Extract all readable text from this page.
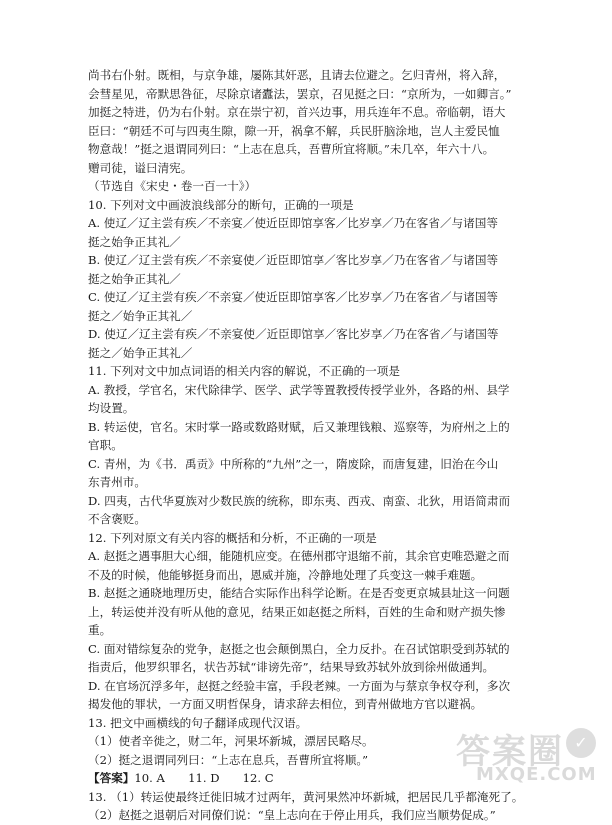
尚书右仆射。既相，与京争雄，屡陈其奸恶，且请去位避之。乞归青州，将入辞，
会彗星见，帝默思咎征，尽除京诸蠹法，罢京，召见挺之曰：“京所为，一如卿言。”
加挺之特进，仍为右仆射。京在崇宁初，首兴边事，用兵连年不息。帝临朝，语大
臣曰：“朝廷不可与四夷生隙，隙一开，祸拿不解，兵民肝脑涂地，岂人主爱民恤
物意哉！”挺之退谓同列曰：“上志在息兵，吾曹所宜将顺。”未几卒，年六十八。
赠司徒，谥曰清宪。
（节选自《宋史・卷一百一十》）
10. 下列对文中画波浪线部分的断句，正确的一项是
A. 使辽／辽主尝有疾／不亲宴／使近臣即馆享客／比岁享／乃在客省／与诸国等
挺之始争正其礼／
B. 使辽／辽主尝有疾／不亲宴使／近臣即馆享／客比岁享／乃在客省／与诸国等
挺之始争正其礼／
C. 使辽／辽主尝有疾／不亲宴／使近臣即馆享客／比岁享／乃在客省／与诸国等
挺之／始争正其礼／
D. 使辽／辽主尝有疾／不亲宴使／近臣即馆享／客比岁享／乃在客省／与诸国等
挺之／始争正其礼／
11. 下列对文中加点词语的相关内容的解说，不正确的一项是
A. 教授，学官名，宋代除律学、医学、武学等置教授传授学业外，各路的州、县学
均设置。
B. 转运使，官名。宋时掌一路或数路财赋，后又兼理钱粮、巡察等，为府州之上的
官职。
C. 青州，为《书．禹贡》中所称的“九州”之一，隋废除，而唐复建，旧治在今山
东青州市。
D. 四夷，古代华夏族对少数民族的统称，即东夷、西戎、南蛮、北狄，用语简肃而
不含褒贬。
12. 下列对原文有关内容的概括和分析，不正确的一项是
A. 赵挺之遇事胆大心细，能随机应变。在德州郡守退缩不前，其余官吏唯恐避之而
不及的时候，他能够挺身而出，恩威并施，冷静地处理了兵变这一棘手难题。
B. 赵挺之通晓地理历史，能结合实际作出科学论断。在是否变更京城县址这一问题
上，转运使并没有听从他的意见，结果正如赵挺之所料，百姓的生命和财产损失惨
重。
C. 面对错综复杂的党争，赵挺之也会颠倒黑白，全力反扑。在召试馆职受到苏轼的
指责后，他罗织罪名，状告苏轼“诽谤先帝”，结果导致苏轼外放到徐州做通判。
D. 在官场沉浮多年，赵挺之经验丰富，手段老辣。一方面为与蔡京争权夺利，多次
揭发他的罪状，一方面又明哲保身，请求辞去相位，到青州做地方官以避祸。
13. 把文中画横线的句子翻译成现代汉语。
（1）使者辛徙之，财二年，河果坏新城，漂居民略尽。
（2）挺之退谓同列曰：“上志在息兵，吾曹所宜将顺。”
【答案】10. A　　11. D　　12. C
13. （1）转运使最终迁徙旧城才过两年，黄河果然冲坏新城，把居民几乎都淹死了。
（2）赵挺之退朝后对同僚们说：“皇上志向在于停止用兵，我们应当顺势促成。”
答案圈 ✓
MXQE.COM
